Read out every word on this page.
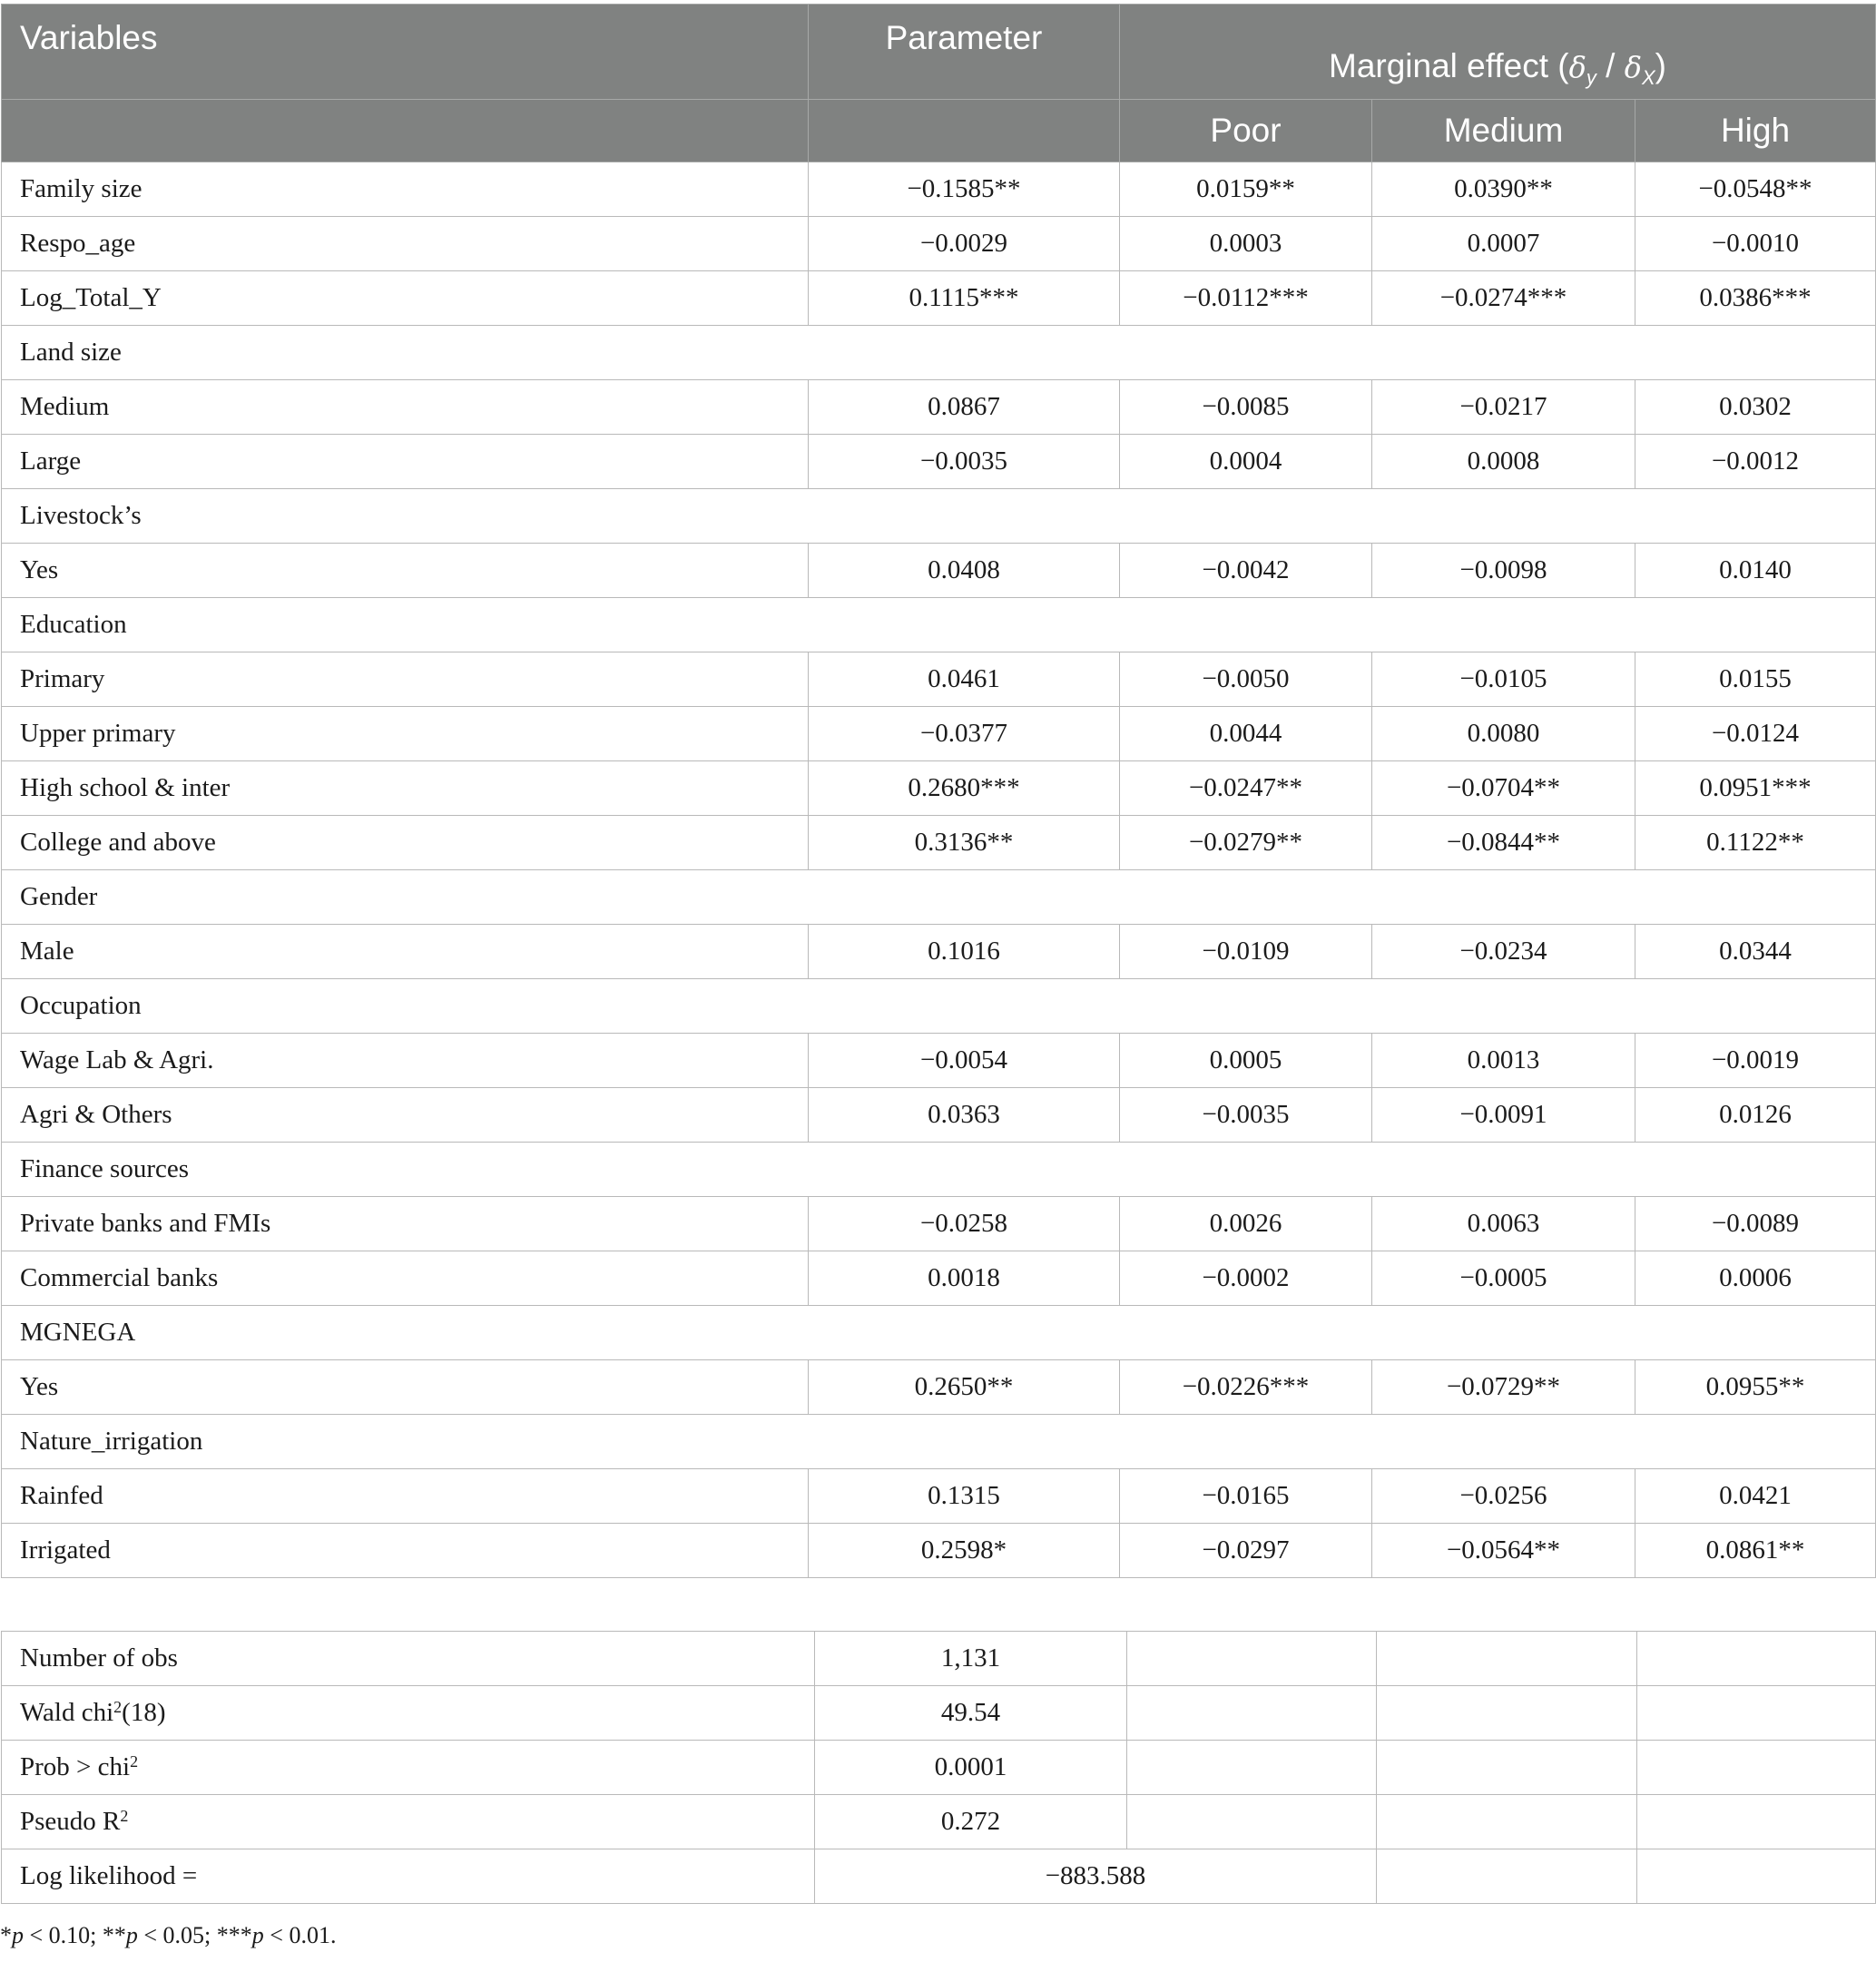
Variables	Parameter	Marginal effect $(\delta_y / \delta_X)$		
		Poor	Medium	High
Family size	−0.1585**	0.0159**	0.0390**	−0.0548**
Respo_age	−0.0029	0.0003	0.0007	−0.0010
Log_Total_Y	0.1115***	−0.0112***	−0.0274***	0.0386***
Land size				
Medium	0.0867	−0.0085	−0.0217	0.0302
Large	−0.0035	0.0004	0.0008	−0.0012
Livestock’s				
Yes	0.0408	−0.0042	−0.0098	0.0140
Education				
Primary	0.0461	−0.0050	−0.0105	0.0155
Upper primary	−0.0377	0.0044	0.0080	−0.0124
High school & inter	0.2680***	−0.0247**	−0.0704**	0.0951***
College and above	0.3136**	−0.0279**	−0.0844**	0.1122**
Gender				
Male	0.1016	−0.0109	−0.0234	0.0344
Occupation				
Wage Lab & Agri.	−0.0054	0.0005	0.0013	−0.0019
Agri & Others	0.0363	−0.0035	−0.0091	0.0126
Finance sources				
Private banks and FMIs	−0.0258	0.0026	0.0063	−0.0089
Commercial banks	0.0018	−0.0002	−0.0005	0.0006
MGNEGA				
Yes	0.2650**	−0.0226***	−0.0729**	0.0955**
Nature_irrigation				
Rainfed	0.1315	−0.0165	−0.0256	0.0421
Irrigated	0.2598*	−0.0297	−0.0564**	0.0861**
Number of obs	1,131			
Wald chi$^2$(18)	49.54			
Prob > chi$^2$	0.0001			
Pseudo $R^2$	0.272			
Log likelihood =	−883.588			
*p < 0.10; **p < 0.05; ***p < 0.01.
